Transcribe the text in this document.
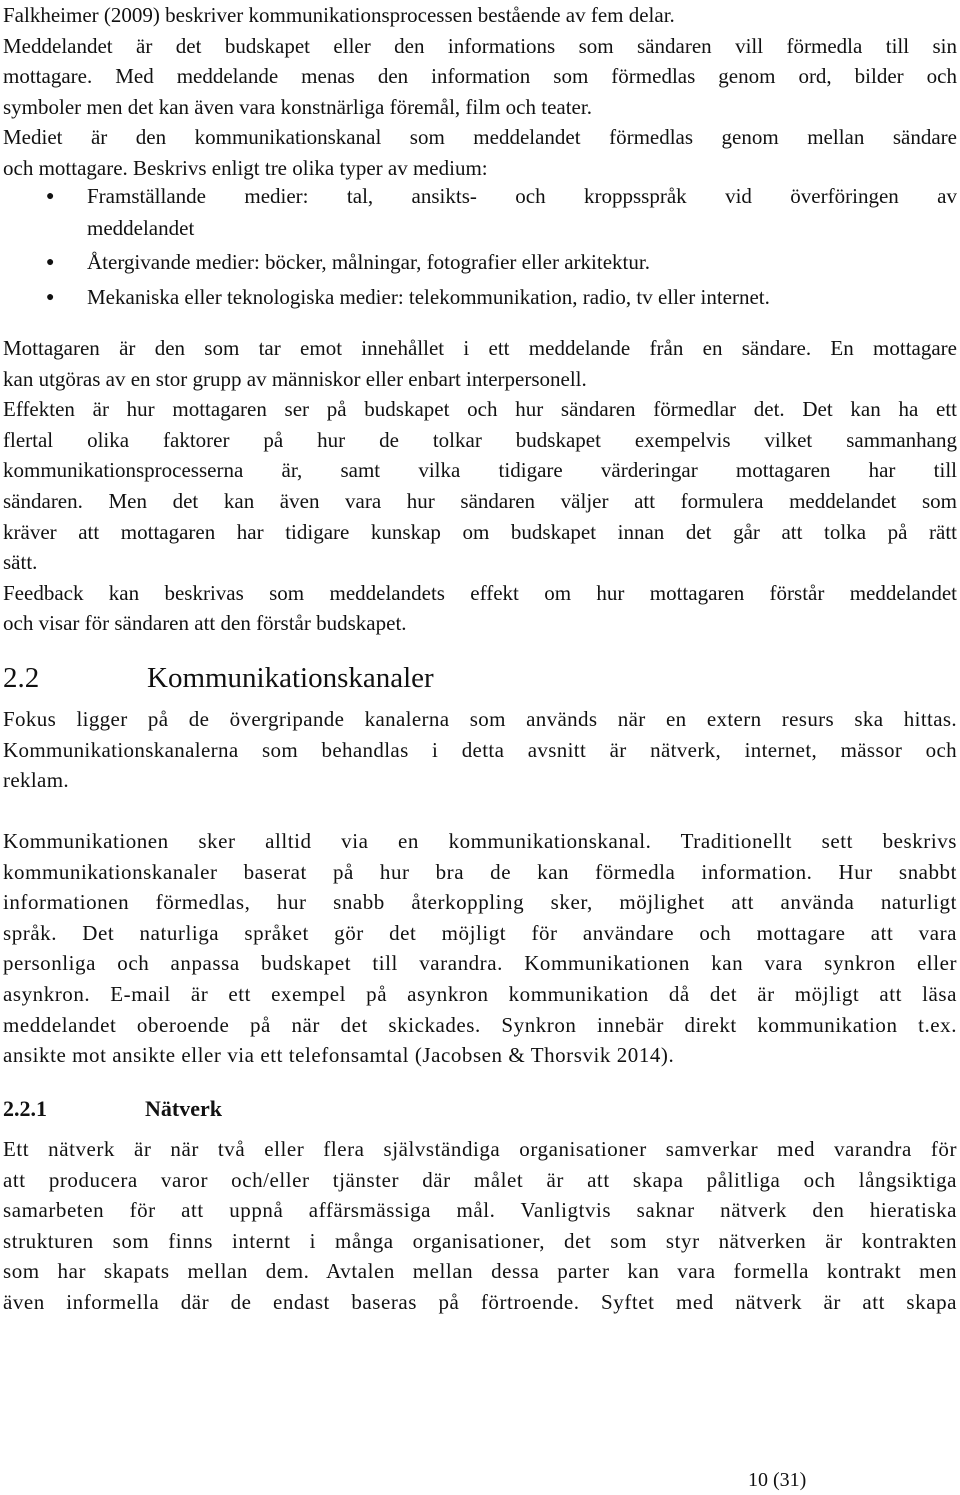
Falkheimer (2009) beskriver kommunikationsprocessen bestående av fem delar.
Meddelandet är det budskapet eller den informations som sändaren vill förmedla till sin
mottagare. Med meddelande menas den information som förmedlas genom ord, bilder och
symboler men det kan även vara konstnärliga föremål, film och teater.
Mediet är den kommunikationskanal som meddelandet förmedlas genom mellan sändare
och mottagare. Beskrivs enligt tre olika typer av medium:
● Framställande medier: tal, ansikts- och kroppsspråk vid överföringen av
meddelandet
● Återgivande medier: böcker, målningar, fotografier eller arkitektur.
● Mekaniska eller teknologiska medier: telekommunikation, radio, tv eller internet.
Mottagaren är den som tar emot innehållet i ett meddelande från en sändare. En mottagare
kan utgöras av en stor grupp av människor eller enbart interpersonell.
Effekten är hur mottagaren ser på budskapet och hur sändaren förmedlar det. Det kan ha ett
flertal olika faktorer på hur de tolkar budskapet exempelvis vilket sammanhang
kommunikationsprocesserna är, samt vilka tidigare värderingar mottagaren har till
sändaren. Men det kan även vara hur sändaren väljer att formulera meddelandet som
kräver att mottagaren har tidigare kunskap om budskapet innan det går att tolka på rätt
sätt.
Feedback kan beskrivas som meddelandets effekt om hur mottagaren förstår meddelandet
och visar för sändaren att den förstår budskapet.
2.2	Kommunikationskanaler
Fokus ligger på de övergripande kanalerna som används när en extern resurs ska hittas.
Kommunikationskanalerna som behandlas i detta avsnitt är nätverk, internet, mässor och
reklam.
Kommunikationen sker alltid via en kommunikationskanal. Traditionellt sett beskrivs
kommunikationskanaler baserat på hur bra de kan förmedla information. Hur snabbt
informationen förmedlas, hur snabb återkoppling sker, möjlighet att använda naturligt
språk. Det naturliga språket gör det möjligt för användare och mottagare att vara
personliga och anpassa budskapet till varandra. Kommunikationen kan vara synkron eller
asynkron. E-mail är ett exempel på asynkron kommunikation då det är möjligt att läsa
meddelandet oberoende på när det skickades. Synkron innebär direkt kommunikation t.ex.
ansikte mot ansikte eller via ett telefonsamtal (Jacobsen & Thorsvik 2014).
2.2.1	Nätverk
Ett nätverk är när två eller flera självständiga organisationer samverkar med varandra för
att producera varor och/eller tjänster där målet är att skapa pålitliga och långsiktiga
samarbeten för att uppnå affärsmässiga mål. Vanligtvis saknar nätverk den hieratiska
strukturen som finns internt i många organisationer, det som styr nätverken är kontrakten
som har skapats mellan dem. Avtalen mellan dessa parter kan vara formella kontrakt men
även informella där de endast baseras på förtroende. Syftet med nätverk är att skapa
10 (31)
